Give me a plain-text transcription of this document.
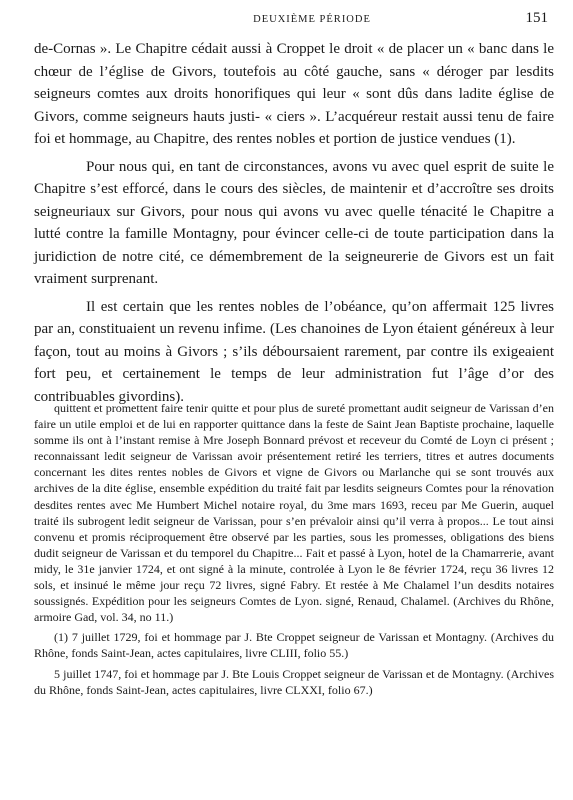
DEUXIÈME PÉRIODE	151

de-Cornas ». Le Chapitre cédait aussi à Croppet le droit « de placer un « banc dans le chœur de l’église de Givors, toutefois au côté gauche, sans « déroger par lesdits seigneurs comtes aux droits honorifiques qui leur « sont dûs dans ladite église de Givors, comme seigneurs hauts justi- « ciers ». L’acquéreur restait aussi tenu de faire foi et hommage, au Chapitre, des rentes nobles et portion de justice vendues (1).

Pour nous qui, en tant de circonstances, avons vu avec quel esprit de suite le Chapitre s’est efforcé, dans le cours des siècles, de maintenir et d’accroître ses droits seigneuriaux sur Givors, pour nous qui avons vu avec quelle ténacité le Chapitre a lutté contre la famille Montagny, pour évincer celle-ci de toute participation dans la juridiction de notre cité, ce démembrement de la seigneurerie de Givors est un fait vraiment surprenant.

Il est certain que les rentes nobles de l’obéance, qu’on affermait 125 livres par an, constituaient un revenu infime. (Les chanoines de Lyon étaient généreux à leur façon, tout au moins à Givors ; s’ils déboursaient rarement, par contre ils exigeaient fort peu, et certainement le temps de leur administration fut l’âge d’or des contribuables givordins).

quittent et promettent faire tenir quitte et pour plus de sureté promettant audit seigneur de Varissan d’en faire un utile emploi et de lui en rapporter quittance dans la feste de Saint Jean Baptiste prochaine, laquelle somme ils ont à l’instant remise à Mre Joseph Bonnard prévost et receveur du Comté de Loyn ci présent ; reconnaissant ledit seigneur de Varissan avoir présentement retiré les terriers, titres et autres documents concernant les dites rentes nobles de Givors et vigne de Givors ou Marlanche qui se sont trouvés aux archives de la dite église, ensemble expédition du traité fait par lesdits seigneurs Comtes pour la rénovation desdites rentes avec Me Humbert Michel notaire royal, du 3me mars 1693, receu par Me Guerin, auquel traité ils subrogent ledit seigneur de Varissan, pour s’en prévaloir ainsi qu’il verra à propos... Le tout ainsi convenu et promis réciproquement être observé par les parties, sous les promesses, obligations des biens dudit seigneur de Varissan et du temporel du Chapitre... Fait et passé à Lyon, hotel de la Chamarrerie, avant midy, le 31e janvier 1724, et ont signé à la minute, controlée à Lyon le 8e février 1724, reçu 36 livres 12 sols, et insinué le même jour reçu 72 livres, signé Fabry. Et restée à Me Chalamel l’un desdits notaires soussignés. Expédition pour les seigneurs Comtes de Lyon. signé, Renaud, Chalamel. (Archives du Rhône, armoire Gad, vol. 34, no 11.)

(1) 7 juillet 1729, foi et hommage par J. Bte Croppet seigneur de Varissan et Montagny. (Archives du Rhône, fonds Saint-Jean, actes capitulaires, livre CLIII, folio 55.)

5 juillet 1747, foi et hommage par J. Bte Louis Croppet seigneur de Varissan et de Montagny. (Archives du Rhône, fonds Saint-Jean, actes capitulaires, livre CLXXI, folio 67.)
